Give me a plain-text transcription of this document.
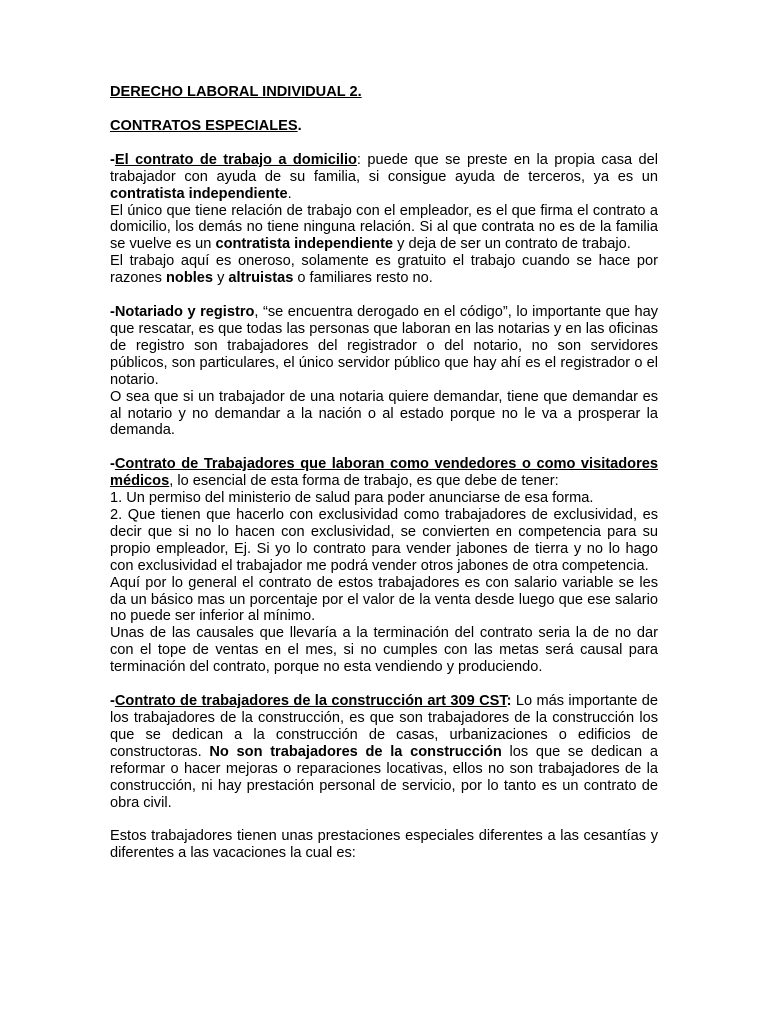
DERECHO LABORAL INDIVIDUAL 2.
CONTRATOS ESPECIALES.

-El contrato de trabajo a domicilio: puede que se preste en la propia casa del trabajador con ayuda de su familia, si consigue ayuda de terceros, ya es un contratista independiente.

El único que tiene relación de trabajo con el empleador, es el que firma el contrato a domicilio, los demás no tiene ninguna relación. Si al que contrata no es de la familia se vuelve es un contratista independiente y deja de ser un contrato de trabajo.

El trabajo aquí es oneroso, solamente es gratuito el trabajo cuando se hace por razones nobles y altruistas o familiares resto no.

-Notariado y registro, “se encuentra derogado en el código”, lo importante que hay que rescatar, es que todas las personas que laboran en las notarias y en las oficinas de registro son trabajadores del registrador o del notario, no son servidores públicos, son particulares, el único servidor público que hay ahí es el registrador o el notario.

O sea que si un trabajador de una notaria quiere demandar, tiene que demandar es al notario y no demandar a la nación o al estado porque no le va a prosperar la demanda.

-Contrato de Trabajadores que laboran como vendedores o como visitadores médicos, lo esencial de esta forma de trabajo, es que debe de tener:

1. Un permiso del ministerio de salud para poder anunciarse de esa forma.

2. Que tienen que hacerlo con exclusividad como trabajadores de exclusividad, es decir que si no lo hacen con exclusividad, se convierten en competencia para su propio empleador, Ej. Si yo lo contrato para vender jabones de tierra y no lo hago con exclusividad el trabajador me podrá vender otros jabones de otra competencia.

Aquí por lo general el contrato de estos trabajadores es con salario variable se les da un básico mas un porcentaje por el valor de la venta desde luego que ese salario no puede ser inferior al mínimo.

Unas de las causales que llevaría a la terminación del contrato seria la de no dar con el tope de ventas en el mes, si no cumples con las metas será causal para terminación del contrato, porque no esta vendiendo y produciendo.

-Contrato de trabajadores de la construcción art 309 CST: Lo más importante de los trabajadores de la construcción, es que son trabajadores de la construcción los que se dedican a la construcción de casas, urbanizaciones o edificios de constructoras. No son trabajadores de la construcción los que se dedican a reformar o hacer mejoras o reparaciones locativas, ellos no son trabajadores de la construcción, ni hay prestación personal de servicio, por lo tanto es un contrato de obra civil.

Estos trabajadores tienen unas prestaciones especiales diferentes a las cesantías y diferentes a las vacaciones la cual es:
